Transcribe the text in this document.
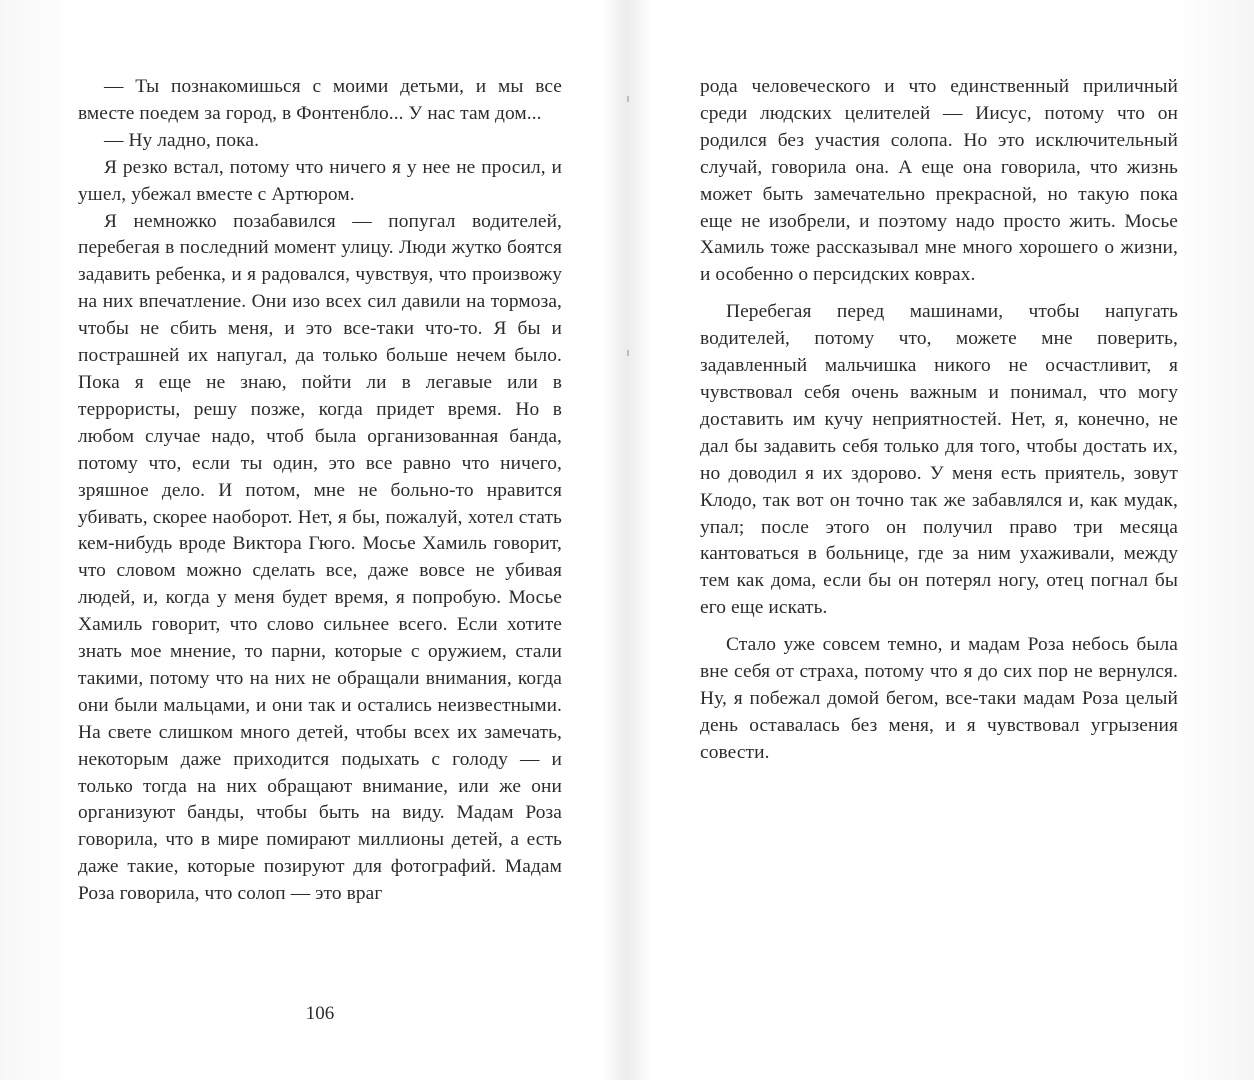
— Ты познакомишься с моими детьми, и мы все вместе поедем за город, в Фонтенбло... У нас там дом...

— Ну ладно, пока.

Я резко встал, потому что ничего я у нее не просил, и ушел, убежал вместе с Артюром.

Я немножко позабавился — попугал водителей, перебегая в последний момент улицу. Люди жутко боятся задавить ребенка, и я радовался, чувствуя, что произвожу на них впечатление. Они изо всех сил давили на тормоза, чтобы не сбить меня, и это все-таки что-то. Я бы и пострашней их напугал, да только больше нечем было. Пока я еще не знаю, пойти ли в легавые или в террористы, решу позже, когда придет время. Но в любом случае надо, чтоб была организованная банда, потому что, если ты один, это все равно что ничего, зряшное дело. И потом, мне не больно-то нравится убивать, скорее наоборот. Нет, я бы, пожалуй, хотел стать кем-нибудь вроде Виктора Гюго. Мосье Хамиль говорит, что словом можно сделать все, даже вовсе не убивая людей, и, когда у меня будет время, я попробую. Мосье Хамиль говорит, что слово сильнее всего. Если хотите знать мое мнение, то парни, которые с оружием, стали такими, потому что на них не обращали внимания, когда они были мальцами, и они так и остались неизвестными. На свете слишком много детей, чтобы всех их замечать, некоторым даже приходится подыхать с голоду — и только тогда на них обращают внимание, или же они организуют банды, чтобы быть на виду. Мадам Роза говорила, что в мире помирают миллионы детей, а есть даже такие, которые позируют для фотографий. Мадам Роза говорила, что солоп — это враг

106

рода человеческого и что единственный приличный среди людских целителей — Иисус, потому что он родился без участия солопа. Но это исключительный случай, говорила она. А еще она говорила, что жизнь может быть замечательно прекрасной, но такую пока еще не изобрели, и поэтому надо просто жить. Мосье Хамиль тоже рассказывал мне много хорошего о жизни, и особенно о персидских коврах.

Перебегая перед машинами, чтобы напугать водителей, потому что, можете мне поверить, задавленный мальчишка никого не осчастливит, я чувствовал себя очень важным и понимал, что могу доставить им кучу неприятностей. Нет, я, конечно, не дал бы задавить себя только для того, чтобы достать их, но доводил я их здорово. У меня есть приятель, зовут Клодо, так вот он точно так же забавлялся и, как мудак, упал; после этого он получил право три месяца кантоваться в больнице, где за ним ухаживали, между тем как дома, если бы он потерял ногу, отец погнал бы его еще искать.

Стало уже совсем темно, и мадам Роза небось была вне себя от страха, потому что я до сих пор не вернулся. Ну, я побежал домой бегом, все-таки мадам Роза целый день оставалась без меня, и я чувствовал угрызения совести.
